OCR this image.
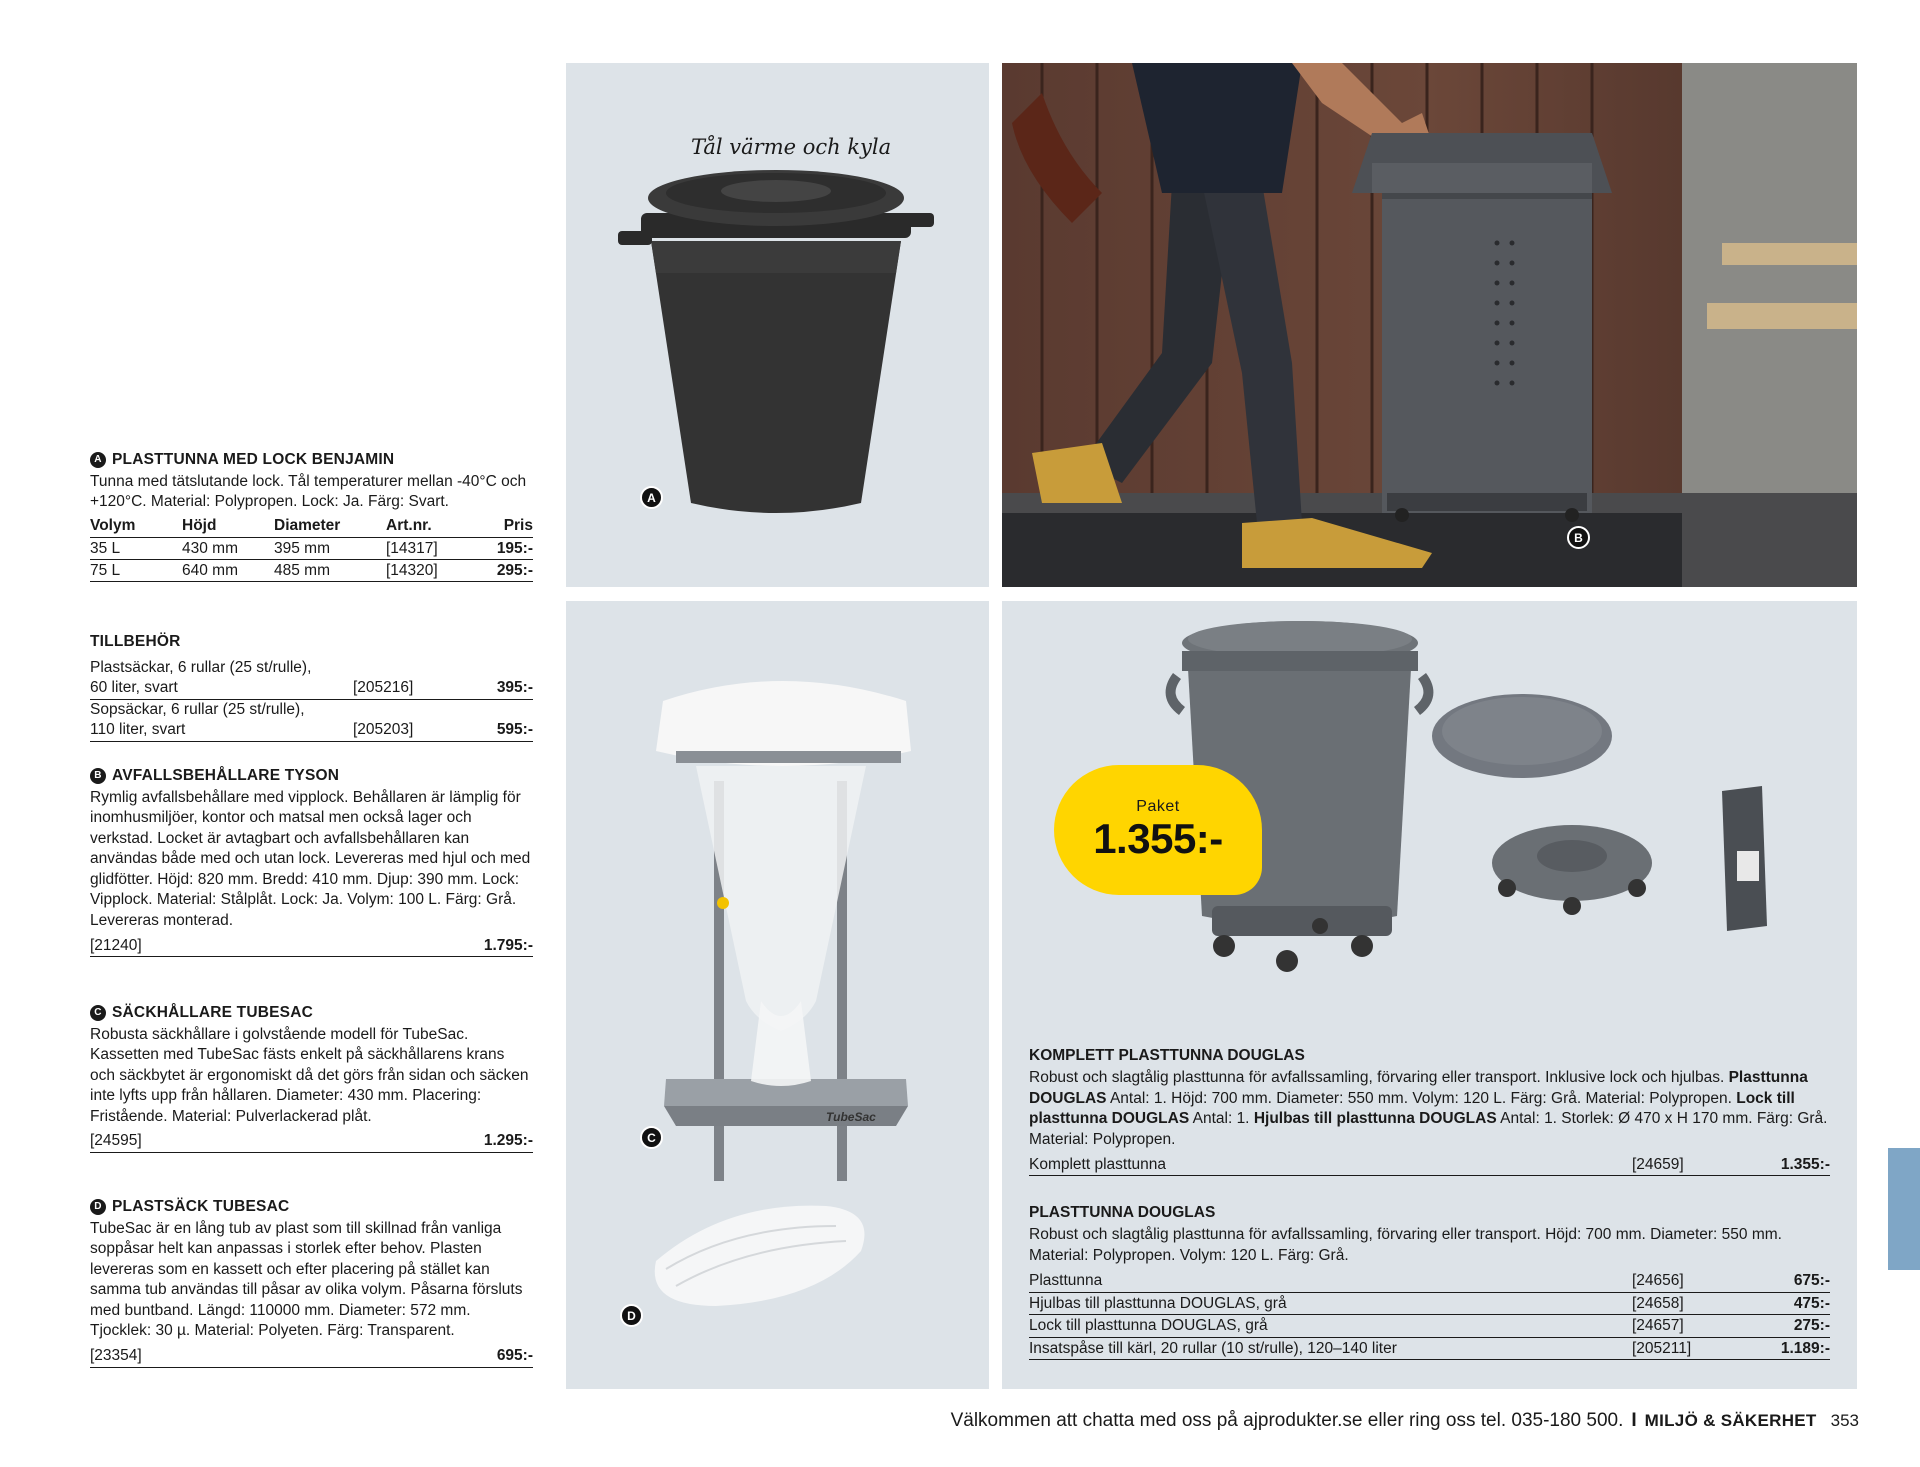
A PLASTTUNNA MED LOCK BENJAMIN
Tunna med tätslutande lock. Tål temperaturer mellan -40°C och +120°C. Material: Polypropen. Lock: Ja. Färg: Svart.
Volym	Höjd	Diameter	Art.nr.	Pris
35 L	430 mm	395 mm	[14317]	195:-
75 L	640 mm	485 mm	[14320]	295:-
TILLBEHÖR
Plastsäckar, 6 rullar (25 st/rulle),
60 liter, svart	[205216]	395:-
Sopsäckar, 6 rullar (25 st/rulle),
110 liter, svart	[205203]	595:-
B AVFALLSBEHÅLLARE TYSON
Rymlig avfallsbehållare med vipplock. Behållaren är lämplig för inomhusmiljöer, kontor och matsal men också lager och verkstad. Locket är avtagbart och avfallsbehållaren kan användas både med och utan lock. Levereras med hjul och med glidfötter. Höjd: 820 mm. Bredd: 410 mm. Djup: 390 mm. Lock: Vipplock. Material: Stålplåt. Lock: Ja. Volym: 100 L. Färg: Grå. Levereras monterad.
[21240]	1.795:-
C SÄCKHÅLLARE TUBESAC
Robusta säckhållare i golvstående modell för TubeSac. Kassetten med TubeSac fästs enkelt på säckhållarens krans och säckbytet är ergonomiskt då det görs från sidan och säcken inte lyfts upp från hållaren. Diameter: 430 mm. Placering: Fristående. Material: Pulverlackerad plåt.
[24595]	1.295:-
D PLASTSÄCK TUBESAC
TubeSac är en lång tub av plast som till skillnad från vanliga soppåsar helt kan anpassas i storlek efter behov. Plasten levereras som en kassett och efter placering på stället kan samma tub användas till påsar av olika volym. Påsarna försluts med buntband. Längd: 110000 mm. Diameter: 572 mm. Tjocklek: 30 µ. Material: Polyeten. Färg: Transparent.
[23354]	695:-
Tål värme och kyla
A
B
TubeSac
C
D
Paket
1.355:-
KOMPLETT PLASTTUNNA DOUGLAS
Robust och slagtålig plasttunna för avfallssamling, förvaring eller transport. Inklusive lock och hjulbas. Plasttunna DOUGLAS Antal: 1. Höjd: 700 mm. Diameter: 550 mm. Volym: 120 L. Färg: Grå. Material: Polypropen. Lock till plasttunna DOUGLAS Antal: 1. Hjulbas till plasttunna DOUGLAS Antal: 1. Storlek: Ø 470 x H 170 mm. Färg: Grå. Material: Polypropen.
Komplett plasttunna	[24659]	1.355:-
PLASTTUNNA DOUGLAS
Robust och slagtålig plasttunna för avfallssamling, förvaring eller transport. Höjd: 700 mm. Diameter: 550 mm. Material: Polypropen. Volym: 120 L. Färg: Grå.
Plasttunna	[24656]	675:-
Hjulbas till plasttunna DOUGLAS, grå	[24658]	475:-
Lock till plasttunna DOUGLAS, grå	[24657]	275:-
Insatspåse till kärl, 20 rullar (10 st/rulle), 120–140 liter	[205211]	1.189:-
Välkommen att chatta med oss på ajprodukter.se eller ring oss tel. 035-180 500. I MILJÖ & SÄKERHET 353
